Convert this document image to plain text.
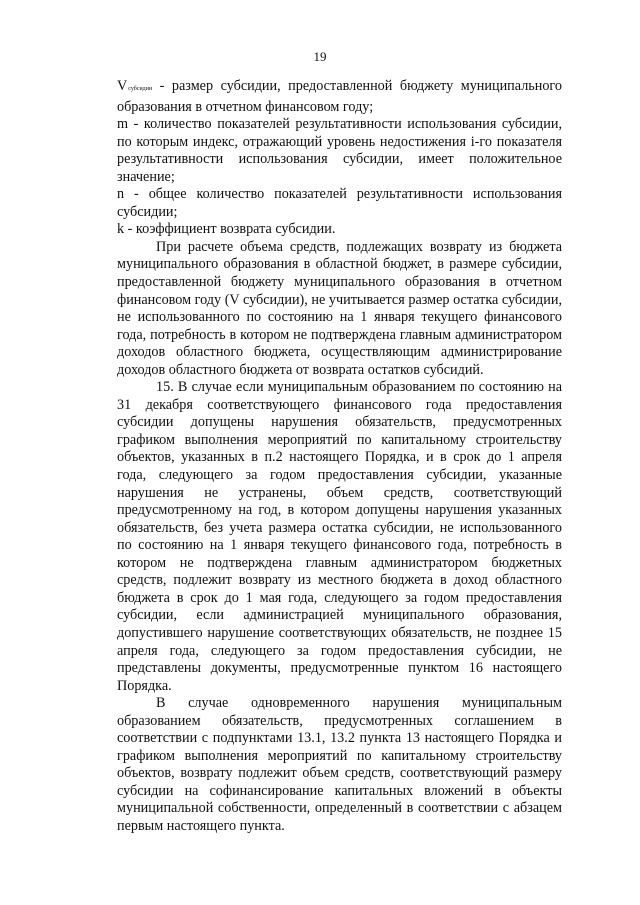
19

Vсубсидии - размер субсидии, предоставленной бюджету муниципального образования в отчетном финансовом году;

m - количество показателей результативности использования субсидии, по которым индекс, отражающий уровень недостижения i-го показателя результативности использования субсидии, имеет положительное значение;

n - общее количество показателей результативности использования субсидии;

k - коэффициент возврата субсидии.

При расчете объема средств, подлежащих возврату из бюджета муниципального образования в областной бюджет, в размере субсидии, предоставленной бюджету муниципального образования в отчетном финансовом году (V субсидии), не учитывается размер остатка субсидии, не использованного по состоянию на 1 января текущего финансового года, потребность в котором не подтверждена главным администратором доходов областного бюджета, осуществляющим администрирование доходов областного бюджета от возврата остатков субсидий.

15. В случае если муниципальным образованием по состоянию на 31 декабря соответствующего финансового года предоставления субсидии допущены нарушения обязательств, предусмотренных графиком выполнения мероприятий по капитальному строительству объектов, указанных в п.2 настоящего Порядка, и в срок до 1 апреля года, следующего за годом предоставления субсидии, указанные нарушения не устранены, объем средств, соответствующий предусмотренному на год, в котором допущены нарушения указанных обязательств, без учета размера остатка субсидии, не использованного по состоянию на 1 января текущего финансового года, потребность в котором не подтверждена главным администратором бюджетных средств, подлежит возврату из местного бюджета в доход областного бюджета в срок до 1 мая года, следующего за годом предоставления субсидии, если администрацией муниципального образования, допустившего нарушение соответствующих обязательств, не позднее 15 апреля года, следующего за годом предоставления субсидии, не представлены документы, предусмотренные пунктом 16 настоящего Порядка.

В случае одновременного нарушения муниципальным образованием обязательств, предусмотренных соглашением в соответствии с подпунктами 13.1, 13.2 пункта 13 настоящего Порядка и графиком выполнения мероприятий по капитальному строительству объектов, возврату подлежит объем средств, соответствующий размеру субсидии на софинансирование капитальных вложений в объекты муниципальной собственности, определенный в соответствии с абзацем первым настоящего пункта.
